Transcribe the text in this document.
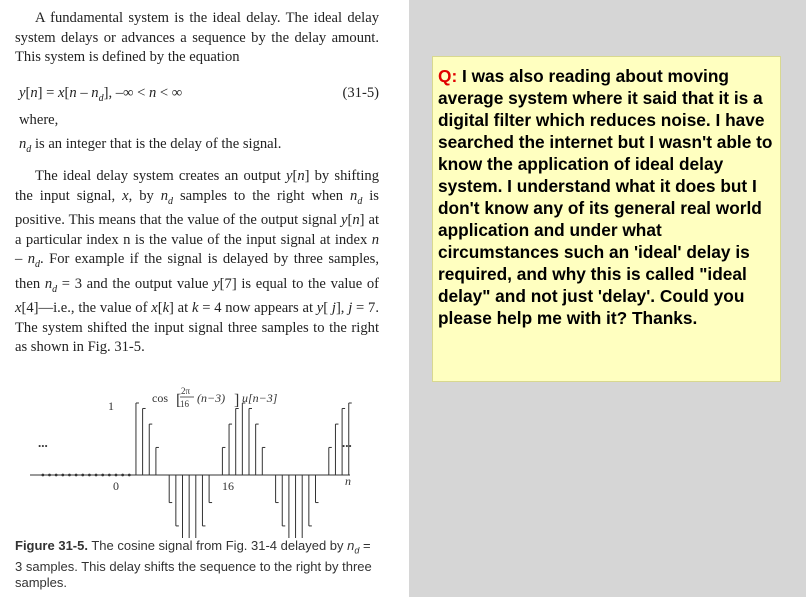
A fundamental system is the ideal delay. The ideal delay system delays or advances a sequence by the delay amount. This system is defined by the equation
$y[n] = x[n - n_d]$, –∞ < n < ∞	(31-5)
where,
$n_d$ is an integer that is the delay of the signal.
The ideal delay system creates an output y[n] by shifting the input signal, x, by $n_d$ samples to the right when $n_d$ is positive. This means that the value of the output signal y[n] at a particular index n is the value of the input signal at index n – $n_d$. For example if the signal is delayed by three samples, then $n_d = 3$ and the output value y[7] is equal to the value of x[4]—i.e., the value of x[k] at k = 4 now appears at y[ j], j = 7. The system shifted the input signal three samples to the right as shown in Fig. 31-5.
cos [
2π
16 (n−3) ] u[n−3]
1
...	...
0	16	n
Figure 31-5. The cosine signal from Fig. 31-4 delayed by $n_d = 3$ samples. This delay shifts the sequence to the right by three samples.
Q: I was also reading about moving average system where it said that it is a digital filter which reduces noise. I have searched the internet but I wasn't able to know the application of ideal delay system. I understand what it does but I don't know any of its general real world application and under what circumstances such an 'ideal' delay is required, and why this is called "ideal delay" and not just 'delay'. Could you please help me with it? Thanks.
